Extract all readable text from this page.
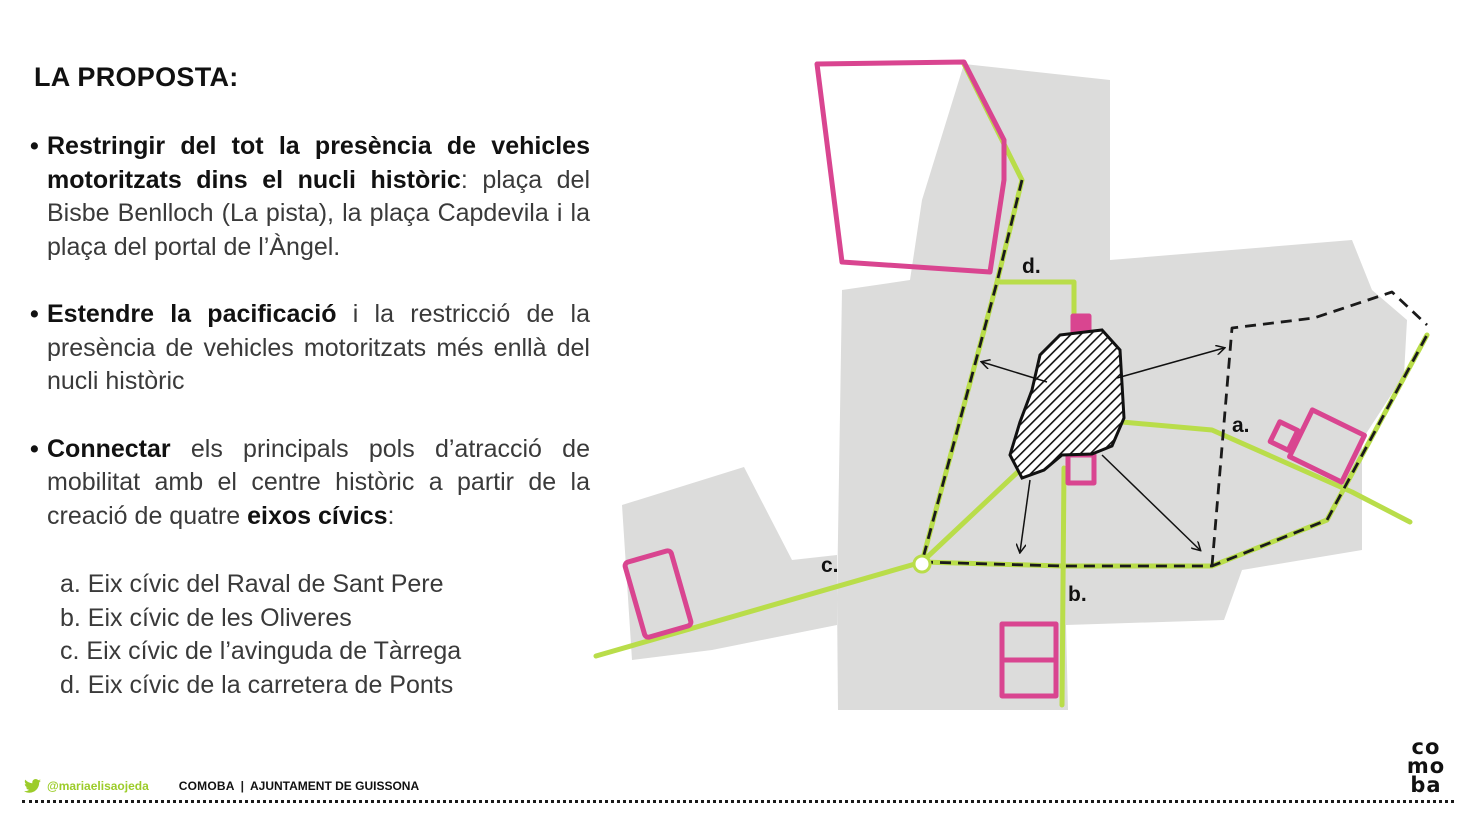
LA PROPOSTA:
• Restringir del tot la presència de vehicles motoritzats dins el nucli històric: plaça del Bisbe Benlloch (La pista), la plaça Capdevila i la plaça del portal de l’Àngel.
• Estendre la pacificació i la restricció de la presència de vehicles motoritzats més enllà del nucli històric
• Connectar els principals pols d’atracció de mobilitat amb el centre històric a partir de la creació de quatre eixos cívics:
a. Eix cívic del Raval de Sant Pere
b. Eix cívic de les Oliveres
c. Eix cívic de l’avinguda de Tàrrega
d. Eix cívic de la carretera de Ponts
a.
b.
c.
d.
@mariaelisaojeda	COMOBA | AJUNTAMENT DE GUISSONA
co
mo
ba
